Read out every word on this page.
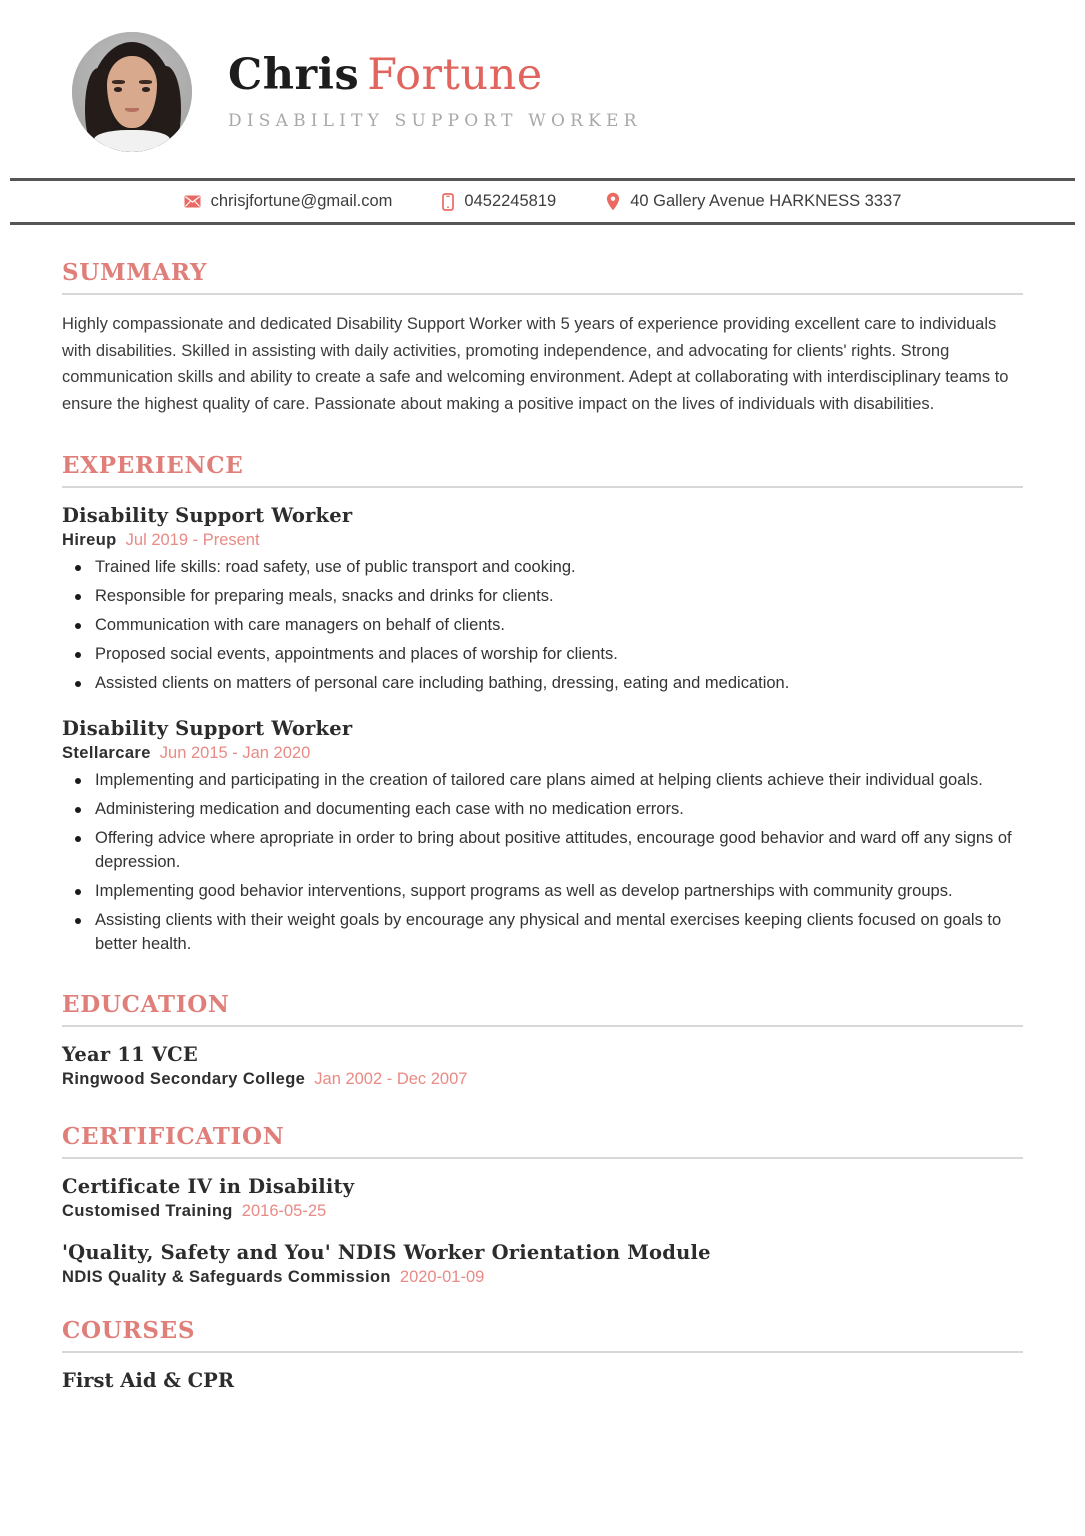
Chris Fortune
DISABILITY SUPPORT WORKER
chrisjfortune@gmail.com	0452245819	40 Gallery Avenue HARKNESS 3337
SUMMARY

Highly compassionate and dedicated Disability Support Worker with 5 years of experience providing excellent care to individuals with disabilities. Skilled in assisting with daily activities, promoting independence, and advocating for clients' rights. Strong communication skills and ability to create a safe and welcoming environment. Adept at collaborating with interdisciplinary teams to ensure the highest quality of care. Passionate about making a positive impact on the lives of individuals with disabilities.

EXPERIENCE
Disability Support Worker
Hireup Jul 2019 - Present
Trained life skills: road safety, use of public transport and cooking.
Responsible for preparing meals, snacks and drinks for clients.
Communication with care managers on behalf of clients.
Proposed social events, appointments and places of worship for clients.
Assisted clients on matters of personal care including bathing, dressing, eating and medication.
Disability Support Worker
Stellarcare Jun 2015 - Jan 2020
Implementing and participating in the creation of tailored care plans aimed at helping clients achieve their individual goals.
Administering medication and documenting each case with no medication errors.
Offering advice where apropriate in order to bring about positive attitudes, encourage good behavior and ward off any signs of depression.
Implementing good behavior interventions, support programs as well as develop partnerships with community groups.
Assisting clients with their weight goals by encourage any physical and mental exercises keeping clients focused on goals to better health.
EDUCATION
Year 11 VCE
Ringwood Secondary College Jan 2002 - Dec 2007
CERTIFICATION
Certificate IV in Disability
Customised Training 2016-05-25
'Quality, Safety and You' NDIS Worker Orientation Module
NDIS Quality & Safeguards Commission 2020-01-09
COURSES
First Aid & CPR
